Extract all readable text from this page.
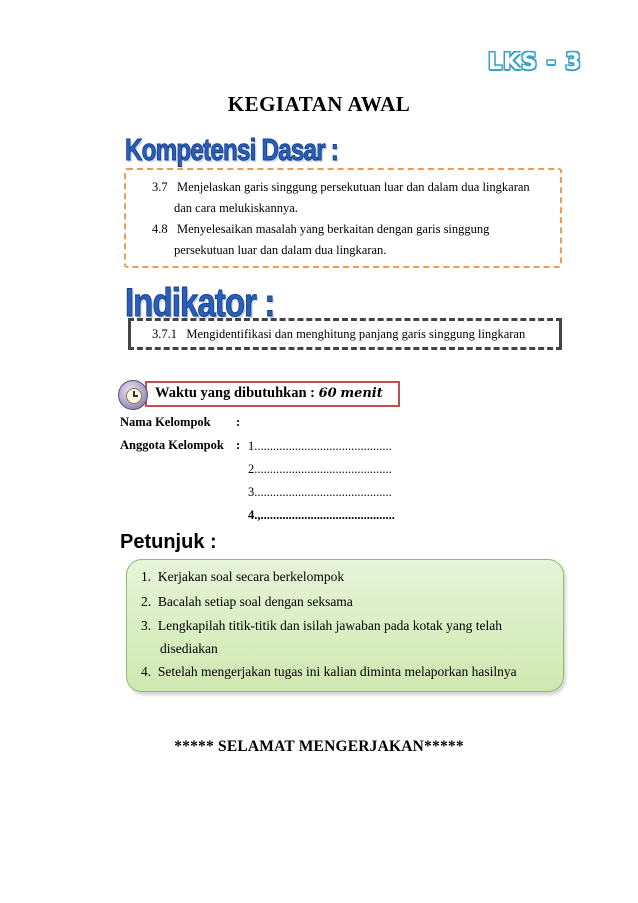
LKS - 3
KEGIATAN AWAL
Kompetensi Dasar :
3.7 Menjelaskan garis singgung persekutuan luar dan dalam dua lingkaran
dan cara melukiskannya.
4.8 Menyelesaikan masalah yang berkaitan dengan garis singgung
persekutuan luar dan dalam dua lingkaran.
Indikator :
3.7.1 Mengidentifikasi dan menghitung panjang garis singgung lingkaran
Waktu yang dibutuhkan : 60 menit
Nama Kelompok :
Anggota Kelompok : 1............................................
2............................................
3............................................
4.,...........................................
Petunjuk :
1. Kerjakan soal secara berkelompok
2. Bacalah setiap soal dengan seksama
3. Lengkapilah titik-titik dan isilah jawaban pada kotak yang telah
disediakan
4. Setelah mengerjakan tugas ini kalian diminta melaporkan hasilnya
***** SELAMAT MENGERJAKAN*****
